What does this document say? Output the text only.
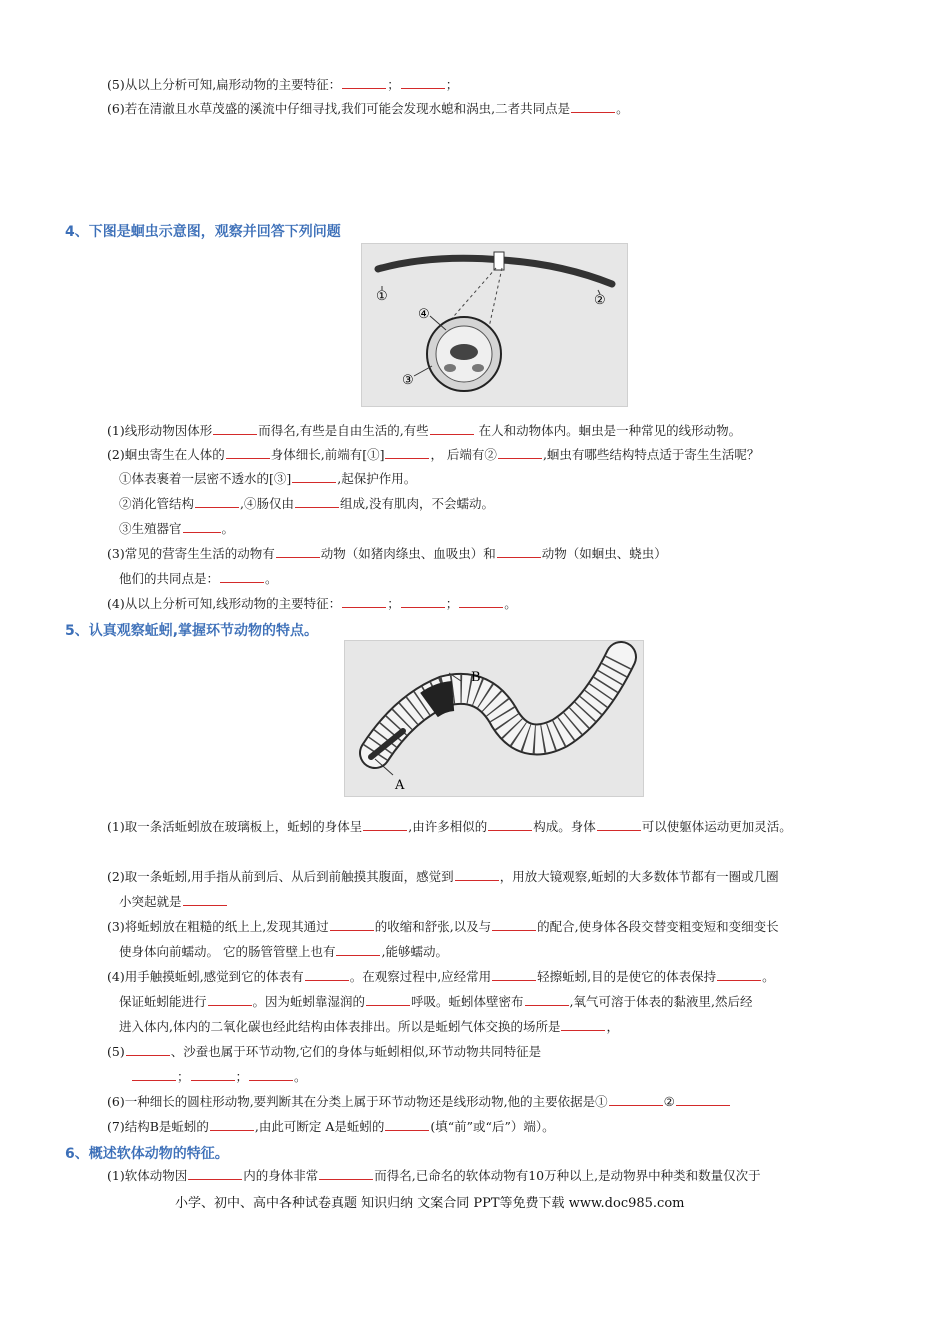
(5)从以上分析可知,扁形动物的主要特征：	；	；
(6)若在清澈且水草茂盛的溪流中仔细寻找,我们可能会发现水螅和涡虫,二者共同点是	。
4、下图是蛔虫示意图，观察并回答下列问题
①	②
③
④
(1)线形动物因体形	而得名,有些是自由生活的,有些	在人和动物体内。蛔虫是一种常见的线形动物。
(2)蛔虫寄生在人体的	身体细长,前端有[①]	， 后端有②	,蛔虫有哪些结构特点适于寄生生活呢？
①体表裹着一层密不透水的[③]	,起保护作用。
②消化管结构	,④肠仅由	组成,没有肌肉，不会蠕动。
③生殖器官	。
(3)常见的营寄生生活的动物有	动物（如猪肉绦虫、血吸虫）和	动物（如蛔虫、蛲虫）
他们的共同点是：	。
(4)从以上分析可知,线形动物的主要特征：	；	；	。
5、认真观察蚯蚓,掌握环节动物的特点。
A
B
(1)取一条活蚯蚓放在玻璃板上，蚯蚓的身体呈	,由许多相似的	构成。身体	可以使躯体运动更加灵活。
(2)取一条蚯蚓,用手指从前到后、从后到前触摸其腹面，感觉到	，用放大镜观察,蚯蚓的大多数体节都有一圈或几圈
小突起就是
(3)将蚯蚓放在粗糙的纸上上,发现其通过	的收缩和舒张,以及与	的配合,使身体各段交替变粗变短和变细变长
使身体向前蠕动。 它的肠管管壁上也有	,能够蠕动。
(4)用手触摸蚯蚓,感觉到它的体表有	。在观察过程中,应经常用	轻擦蚯蚓,目的是使它的体表保持	。
保证蚯蚓能进行	。因为蚯蚓靠湿润的	呼吸。蚯蚓体壁密布	,氧气可溶于体表的黏液里,然后经
进入体内,体内的二氧化碳也经此结构由体表排出。所以是蚯蚓气体交换的场所是	，
(5)	、沙蚕也属于环节动物,它们的身体与蚯蚓相似,环节动物共同特征是
；	；	。
(6)一种细长的圆柱形动物,要判断其在分类上属于环节动物还是线形动物,他的主要依据是①	②
(7)结构B是蚯蚓的	,由此可断定 A是蚯蚓的	(填“前”或“后”）端）。
6、概述软体动物的特征。
(1)软体动物因	内的身体非常	而得名,已命名的软体动物有10万种以上,是动物界中种类和数量仅次于
小学、初中、高中各种试卷真题 知识归纳 文案合同 PPT等免费下载 www.doc985.com
